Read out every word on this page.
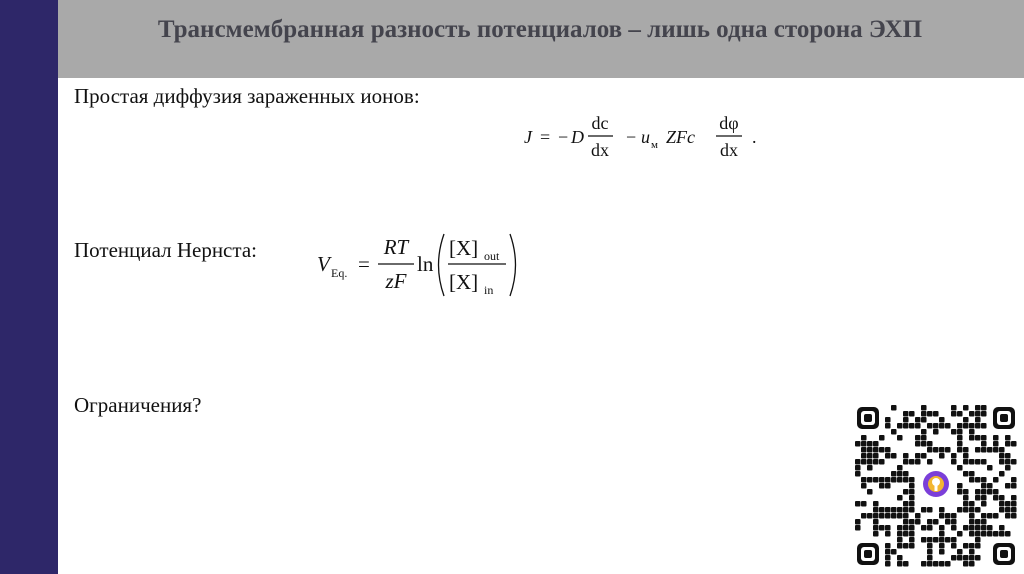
Трансмембранная разность потенциалов – лишь одна сторона ЭХП
Простая диффузия зараженных ионов:
J = − D
dc
dx
− u м ZFc
dφ
dx
.
Потенциал Нернста:
V Eq. =
RT
zF
ln
[X] out
[X] in
Ограничения?
